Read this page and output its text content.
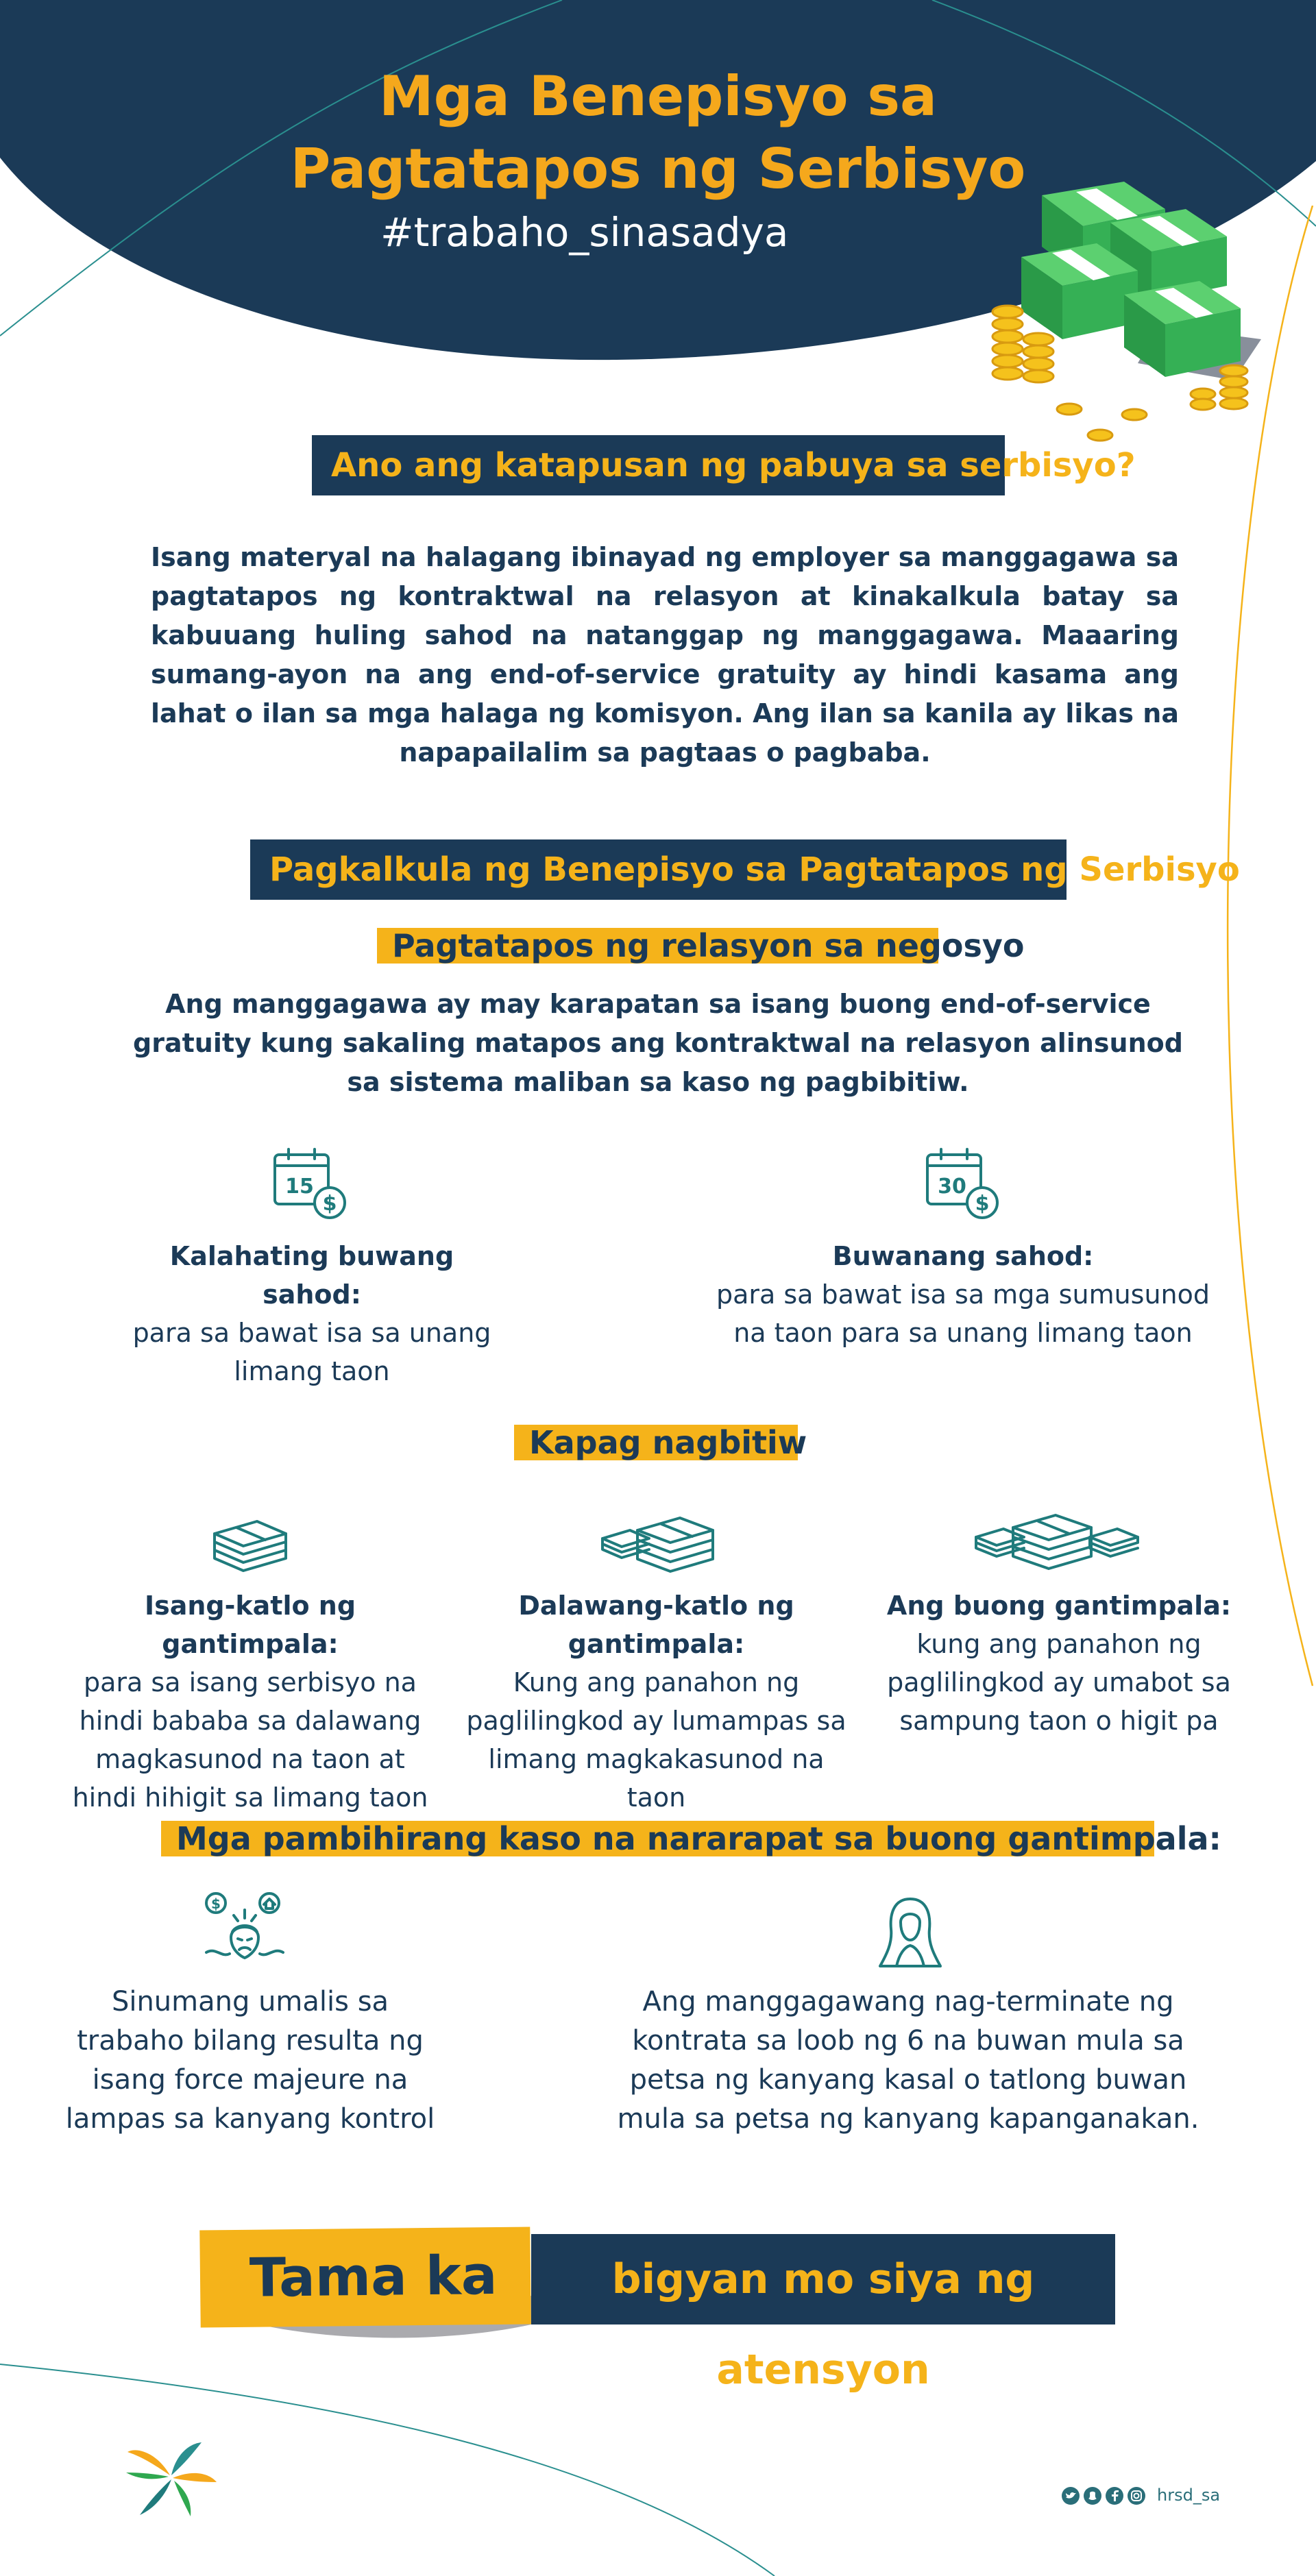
Mga Benepisyo sa
Pagtatapos ng Serbisyo
#trabaho_sinasadya
Ano ang katapusan ng pabuya sa serbisyo?
Isang materyal na halagang ibinayad ng employer sa manggagawa sa pagtatapos ng kontraktwal na relasyon at kinakalkula batay sa kabuuang huling sahod na natanggap ng manggagawa. Maaaring sumang-ayon na ang end-of-service gratuity ay hindi kasama ang lahat o ilan sa mga halaga ng komisyon. Ang ilan sa kanila ay likas na napapailalim sa pagtaas o pagbaba.
Pagkalkula ng Benepisyo sa Pagtatapos ng Serbisyo
Pagtatapos ng relasyon sa negosyo
Ang manggagawa ay may karapatan sa isang buong end-of-service gratuity kung sakaling matapos ang kontraktwal na relasyon alinsunod sa sistema maliban sa kaso ng pagbibitiw.
$
15
Kalahating buwang sahod:
para sa bawat isa sa unang limang taon
$
30
Buwanang sahod:
para sa bawat isa sa mga sumusunod na taon para sa unang limang taon
Kapag nagbitiw
Isang-katlo ng gantimpala:
para sa isang serbisyo na hindi bababa sa dalawang magkasunod na taon at hindi hihigit sa limang taon
Dalawang-katlo ng gantimpala:
Kung ang panahon ng paglilingkod ay lumampas sa limang magkakasunod na taon
Ang buong gantimpala:
kung ang panahon ng paglilingkod ay umabot sa sampung taon o higit pa
Mga pambihirang kaso na nararapat sa buong gantimpala:
$
Sinumang umalis sa trabaho bilang resulta ng isang force majeure na lampas sa kanyang kontrol
Ang manggagawang nag-terminate ng kontrata sa loob ng 6 na buwan mula sa petsa ng kanyang kasal o tatlong buwan mula sa petsa ng kanyang kapanganakan.
Tama ka	bigyan mo siya ng atensyon
hrsd_sa
